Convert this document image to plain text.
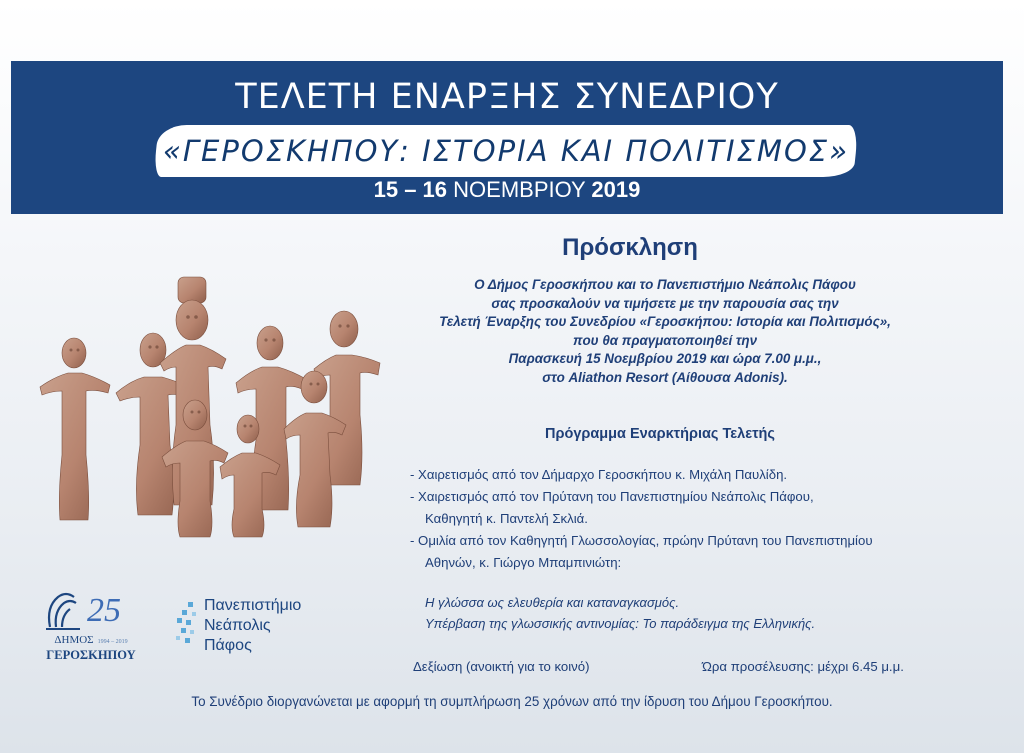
ΤΕΛΕΤΗ ΕΝΑΡΞΗΣ ΣΥΝΕΔΡΙΟΥ
«ΓΕΡΟΣΚΗΠΟΥ: ΙΣΤΟΡΙΑ ΚΑΙ ΠΟΛΙΤΙΣΜΟΣ»
15 – 16 ΝΟΕΜΒΡΙΟΥ 2019
Πρόσκληση
Ο Δήμος Γεροσκήπου και το Πανεπιστήμιο Νεάπολις Πάφου
σας προσκαλούν να τιμήσετε με την παρουσία σας την
Τελετή Έναρξης του Συνεδρίου «Γεροσκήπου: Ιστορία και Πολιτισμός»,
που θα πραγματοποιηθεί την
Παρασκευή 15 Νοεμβρίου 2019 και ώρα 7.00 μ.μ.,
στο Aliathon Resort (Αίθουσα Adonis).
Πρόγραμμα Εναρκτήριας Τελετής
- Χαιρετισμός από τον Δήμαρχο Γεροσκήπου κ. Μιχάλη Παυλίδη.
- Χαιρετισμός από τον Πρύτανη του Πανεπιστημίου Νεάπολις Πάφου,
Καθηγητή κ. Παντελή Σκλιά.
- Ομιλία από τον Καθηγητή Γλωσσολογίας, πρώην Πρύτανη του Πανεπιστημίου
Αθηνών, κ. Γιώργο Μπαμπινιώτη:
Η γλώσσα ως ελευθερία και καταναγκασμός.
Υπέρβαση της γλωσσικής αντινομίας: Το παράδειγμα της Ελληνικής.
Δεξίωση (ανοικτή για το κοινό)	Ώρα προσέλευσης: μέχρι 6.45 μ.μ.
Το Συνέδριο διοργανώνεται με αφορμή τη συμπλήρωση 25 χρόνων από την ίδρυση του Δήμου Γεροσκήπου.
25
ΔΗΜΟΣ 1994 – 2019
ΓΕΡΟΣΚΗΠΟΥ
Πανεπιστήμιο
Νεάπολις
Πάφος
